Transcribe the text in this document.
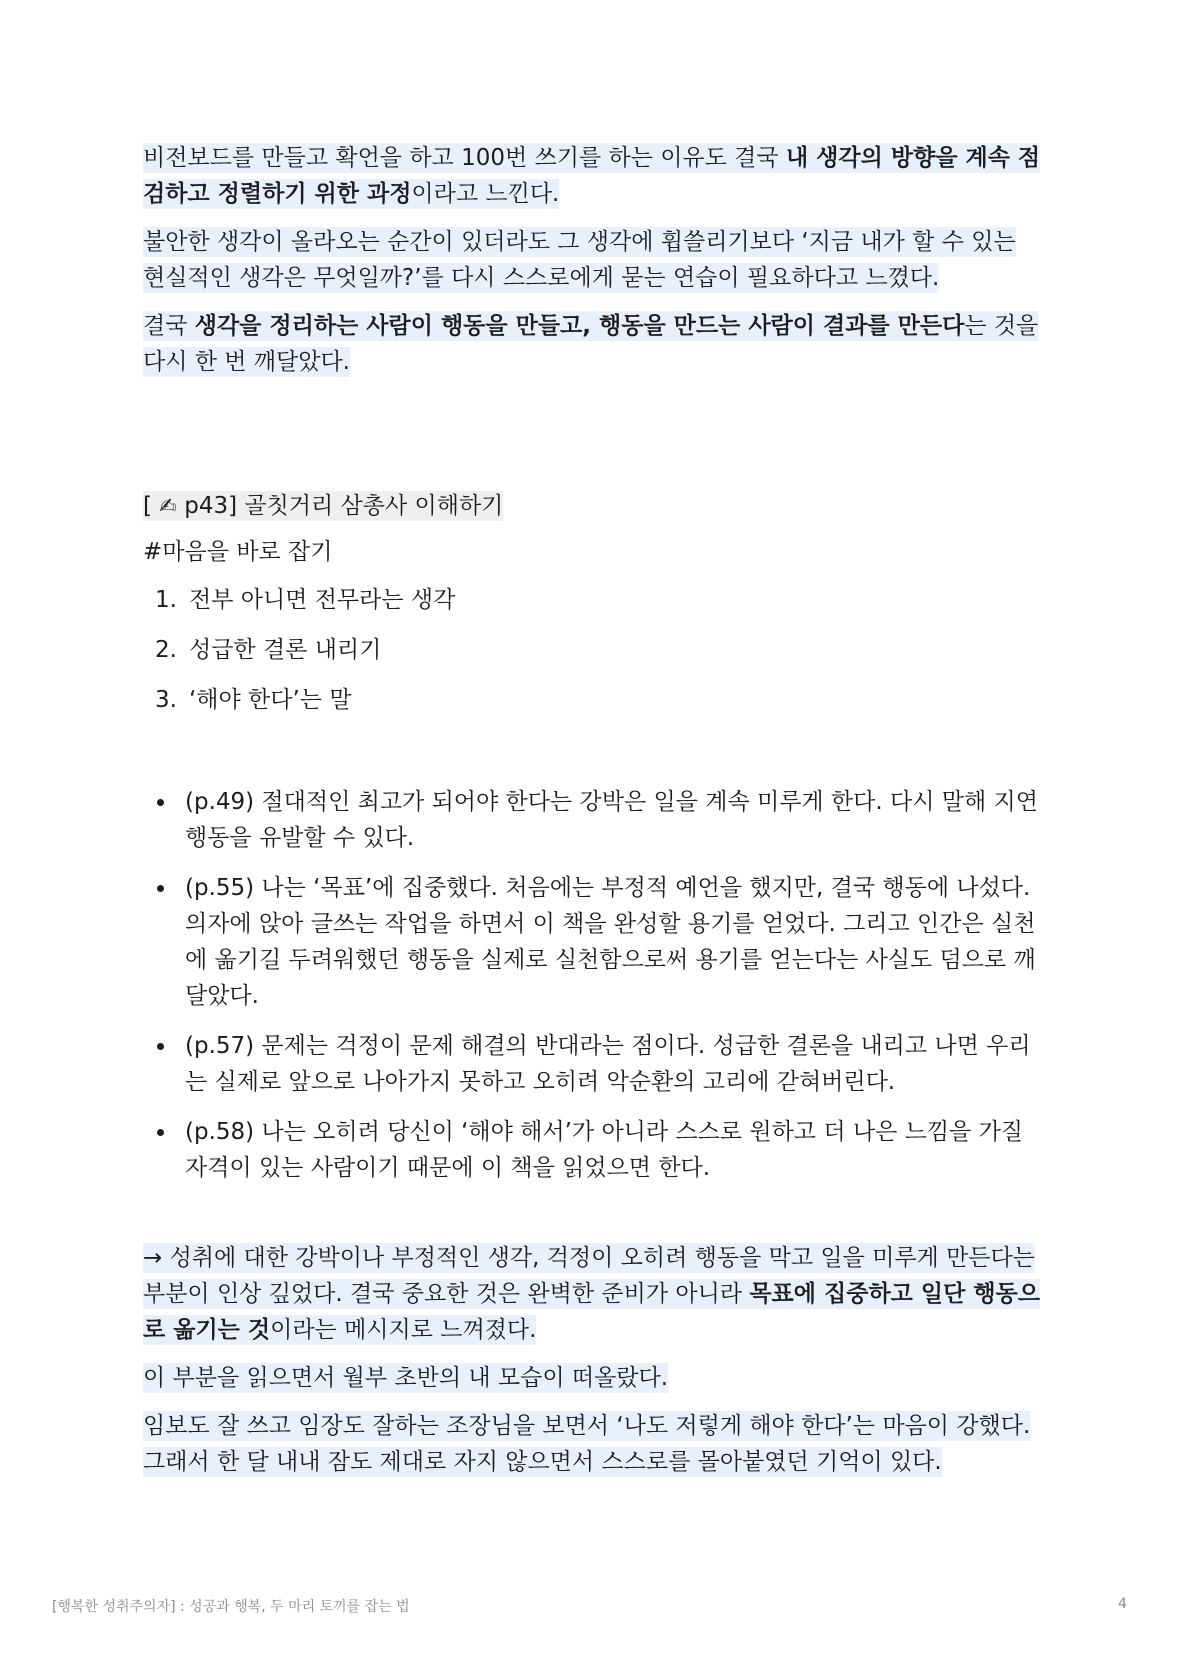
비전보드를 만들고 확언을 하고 100번 쓰기를 하는 이유도 결국 내 생각의 방향을 계속 점검하고 정렬하기 위한 과정이라고 느낀다.

불안한 생각이 올라오는 순간이 있더라도 그 생각에 휩쓸리기보다 ‘지금 내가 할 수 있는 현실적인 생각은 무엇일까?’를 다시 스스로에게 묻는 연습이 필요하다고 느꼈다.

결국 생각을 정리하는 사람이 행동을 만들고, 행동을 만드는 사람이 결과를 만든다는 것을 다시 한 번 깨달았다.

[ ✍ p43] 골칫거리 삼총사 이해하기

#마음을 바로 잡기

1. 전부 아니면 전무라는 생각
2. 성급한 결론 내리기
3. ‘해야 한다’는 말
(p.49) 절대적인 최고가 되어야 한다는 강박은 일을 계속 미루게 한다. 다시 말해 지연 행동을 유발할 수 있다.
(p.55) 나는 ‘목표’에 집중했다. 처음에는 부정적 예언을 했지만, 결국 행동에 나섰다. 의자에 앉아 글쓰는 작업을 하면서 이 책을 완성할 용기를 얻었다. 그리고 인간은 실천에 옮기길 두려워했던 행동을 실제로 실천함으로써 용기를 얻는다는 사실도 덤으로 깨달았다.
(p.57) 문제는 걱정이 문제 해결의 반대라는 점이다. 성급한 결론을 내리고 나면 우리는 실제로 앞으로 나아가지 못하고 오히려 악순환의 고리에 갇혀버린다.
(p.58) 나는 오히려 당신이 ‘해야 해서’가 아니라 스스로 원하고 더 나은 느낌을 가질 자격이 있는 사람이기 때문에 이 책을 읽었으면 한다.

→ 성취에 대한 강박이나 부정적인 생각, 걱정이 오히려 행동을 막고 일을 미루게 만든다는 부분이 인상 깊었다. 결국 중요한 것은 완벽한 준비가 아니라 목표에 집중하고 일단 행동으로 옮기는 것이라는 메시지로 느껴졌다.

이 부분을 읽으면서 월부 초반의 내 모습이 떠올랐다.

임보도 잘 쓰고 임장도 잘하는 조장님을 보면서 ‘나도 저렇게 해야 한다’는 마음이 강했다. 그래서 한 달 내내 잠도 제대로 자지 않으면서 스스로를 몰아붙였던 기억이 있다.

[행복한 성취주의자] : 성공과 행복, 두 마리 토끼를 잡는 법	4
